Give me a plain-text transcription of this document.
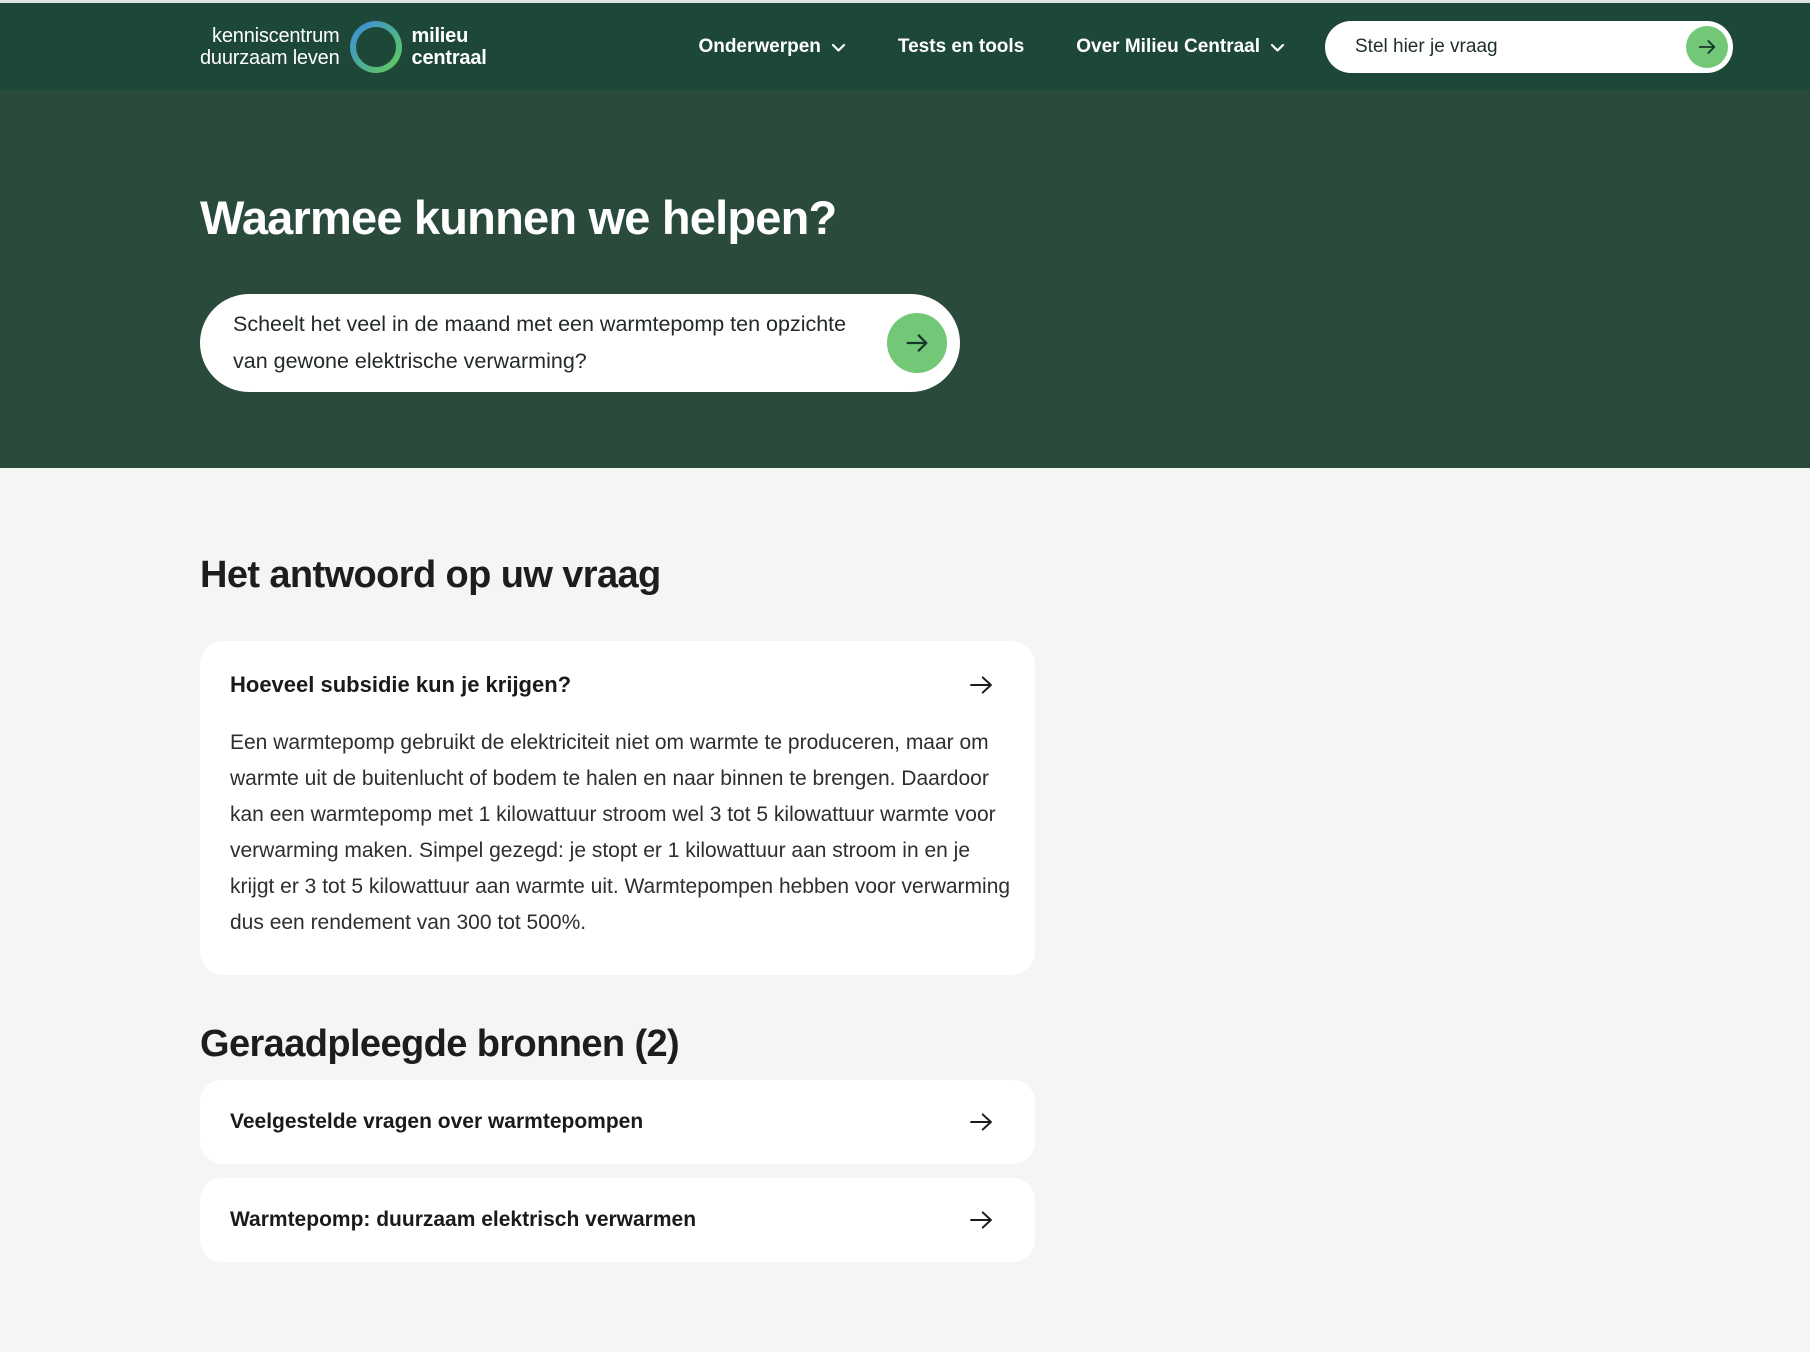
kenniscentrum
duurzaam leven
milieu
centraal
Onderwerpen	Tests en tools	Over Milieu Centraal
Stel hier je vraag
Waarmee kunnen we helpen?
Scheelt het veel in de maand met een warmtepomp ten opzichte van gewone elektrische verwarming?
Het antwoord op uw vraag
Hoeveel subsidie kun je krijgen?

Een warmtepomp gebruikt de elektriciteit niet om warmte te produceren, maar om warmte uit de buitenlucht of bodem te halen en naar binnen te brengen. Daardoor kan een warmtepomp met 1 kilowattuur stroom wel 3 tot 5 kilowattuur warmte voor verwarming maken. Simpel gezegd: je stopt er 1 kilowattuur aan stroom in en je krijgt er 3 tot 5 kilowattuur aan warmte uit. Warmtepompen hebben voor verwarming dus een rendement van 300 tot 500%.

Geraadpleegde bronnen (2)
Veelgestelde vragen over warmtepompen
Warmtepomp: duurzaam elektrisch verwarmen
